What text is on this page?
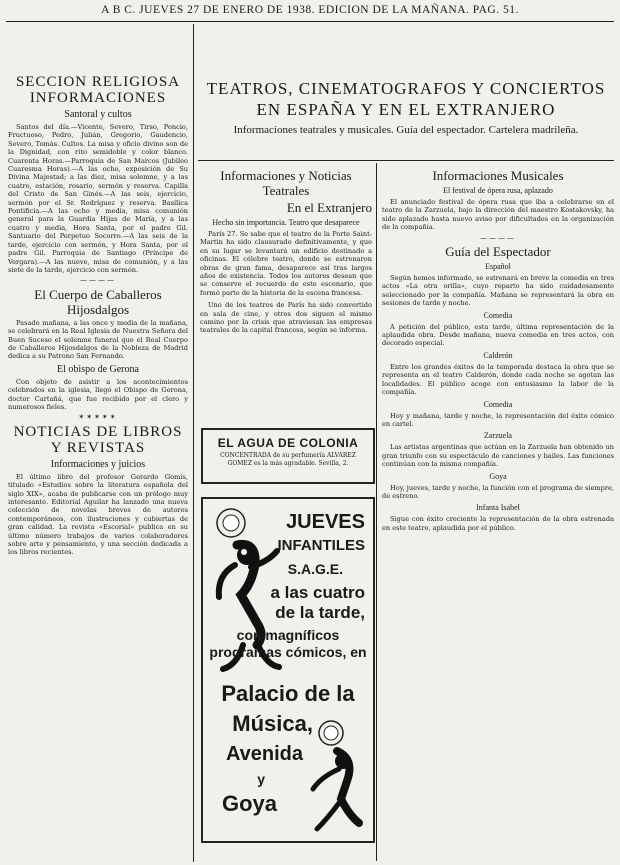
A B C. JUEVES 27 DE ENERO DE 1938. EDICION DE LA MAÑANA. PAG. 51.
SECCION RELIGIOSA INFORMACIONES
Santoral y cultos

Santos del día.—Vicente, Severo, Tirso, Poncio, Fructuoso, Pedro, Julián, Gregorio, Gaudencio, Severo, Tomás. Cultos. La misa y oficio divino son de la Dignidad, con rito semidoble y color blanco. Cuarenta Horas.—Parroquia de San Marcos (Jubileo Cuaresma Horas).—A las ocho, exposición de Su Divina Majestad; a las diez, misa solemne, y a las cuatro, estación, rosario, sermón y reserva. Capilla del Cristo de San Ginés.—A las seis, ejercicio, sermón por el Sr. Rodríguez y reserva. Basílica Pontificia.—A las ocho y media, misa comunión general para la Guardia Hijas de María, y a las cuatro y media, Hora Santa, por el padre Gil. Santuario del Perpetuo Socorro.—A las seis de la tarde, ejercicio con sermón, y Hora Santa, por el padre Gil. Parroquia de Santiago (Príncipe de Vergara).—A las nueve, misa de comunión, y a las siete de la tarde, ejercicio con sermón.

————
El Cuerpo de Caballeros Hijosdalgos

Pasado mañana, a las once y media de la mañana, se celebrará en la Real Iglesia de Nuestra Señora del Buen Suceso el solemne funeral que el Real Cuerpo de Caballeros Hijosdalgos de la Nobleza de Madrid dedica a su Patrono San Fernando.

El obispo de Gerona

Con objeto de asistir a los acontecimientos celebrados en la iglesia, llegó el Obispo de Gerona, doctor Cartañá, que fue recibido por el clero y numerosos fieles.

✶✶✶✶✶
NOTICIAS DE LIBROS Y REVISTAS
Informaciones y juicios

El último libro del profesor Gerardo Gomís, titulado «Estudios sobre la literatura española del siglo XIX», acaba de publicarse con un prólogo muy interesante. Editorial Aguilar ha lanzado una nueva colección de novelas breves de autores contemporáneos, con ilustraciones y cubiertas de gran calidad. La revista «Escorial» publica en su último número trabajos de varios colaboradores sobre arte y pensamiento, y una sección dedicada a los libros recientes.

TEATROS, CINEMATOGRAFOS Y CONCIERTOS EN ESPAÑA Y EN EL EXTRANJERO
Informaciones teatrales y musicales. Guía del espectador. Cartelera madrileña.
Informaciones y Noticias Teatrales
En el Extranjero
Hecho sin importancia. Teatro que desaparece

París 27. Se sabe que el teatro de la Porte Saint-Martin ha sido clausurado definitivamente, y que en su lugar se levantará un edificio destinado a oficinas. El célebre teatro, donde se estrenaron obras de gran fama, desaparece así tras largos años de existencia. Todos los autores desean que se conserve el recuerdo de este escenario, que formó parte de la historia de la escena francesa.

Uno de los teatros de París ha sido convertido en sala de cine, y otros dos siguen el mismo camino por la crisis que atraviesan las empresas teatrales de la capital francesa, según se informa.

EL AGUA DE COLONIA
CONCENTRADA de su perfumería ALVAREZ GOMEZ es la más agradable. Sevilla, 2.
JUEVES
INFANTILES
S.A.G.E.
a las cuatro
de la tarde,
con magníficos programas cómicos, en
Palacio de la
Música,
Avenida
y
Goya
Informaciones Musicales
El festival de ópera rusa, aplazado

El anunciado festival de ópera rusa que iba a celebrarse en el teatro de la Zarzuela, bajo la dirección del maestro Kostakovsky, ha sido aplazado hasta nuevo aviso por dificultades en la organización de la compañía.

————
Guía del Espectador
Español

Según hemos informado, se estrenará en breve la comedia en tres actos «La otra orilla», cuyo reparto ha sido cuidadosamente seleccionado por la compañía. Mañana se representará la obra en sesiones de tarde y noche.

Comedia

A petición del público, esta tarde, última representación de la aplaudida obra. Desde mañana, nueva comedia en tres actos, con decorado especial.

Calderón

Entre los grandes éxitos de la temporada destaca la obra que se representa en el teatro Calderón, donde cada noche se agotan las localidades. El público acoge con entusiasmo la labor de la compañía.

Comedia

Hoy y mañana, tarde y noche, la representación del éxito cómico en cartel.

Zarzuela

Las artistas argentinas que actúan en la Zarzuela han obtenido un gran triunfo con su espectáculo de canciones y bailes. Las funciones continúan con la misma compañía.

Goya

Hoy, jueves, tarde y noche, la función con el programa de siempre, de estreno.

Infanta Isabel

Sigue con éxito creciente la representación de la obra estrenada en este teatro, aplaudida por el público.
